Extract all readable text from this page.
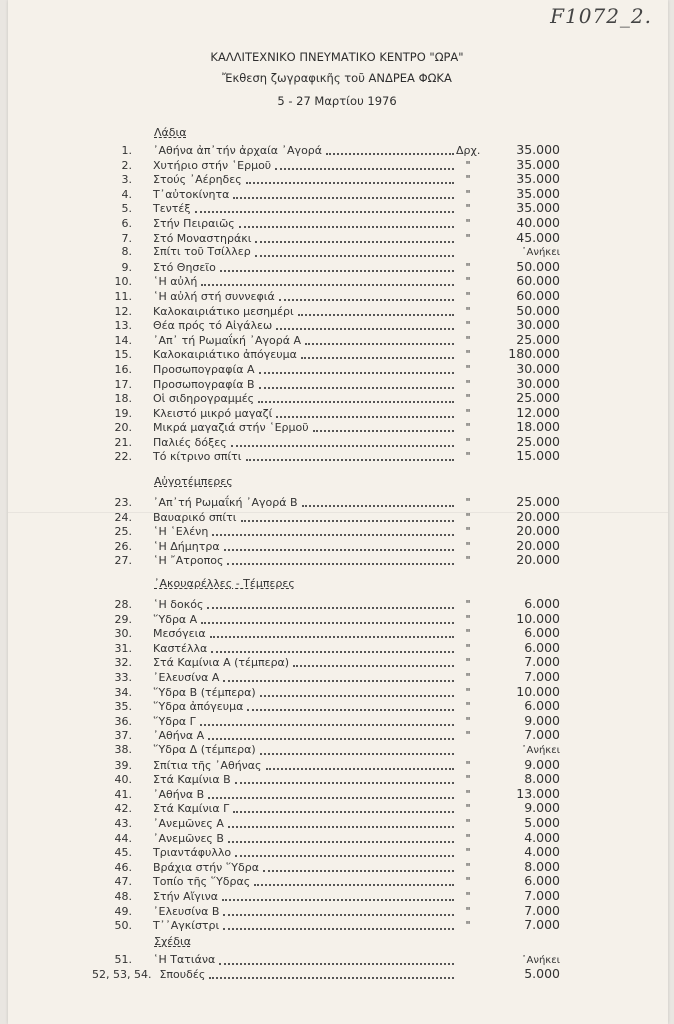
F1072_2.
ΚΑΛΛΙΤΕΧΝΙΚΟ ΠΝΕΥΜΑΤΙΚΟ ΚΕΝΤΡΟ "ΩΡΑ"
Ἔκθεση ζωγραφικῆς τοῦ ΑΝΔΡΕΑ ΦΩΚΑ
5 - 27 Μαρτίου 1976
Λάδια
1.	᾿Αθήνα ἀπ᾿τήν ἀρχαία ᾿Αγορά	Δρχ.	35.000
2.	Χυτήριο στήν ῾Ερμοῦ	"	35.000
3.	Στούς ᾿Αέρηδες	"	35.000
4.	Τ᾿αὐτοκίνητα	"	35.000
5.	Τεντέξ	"	35.000
6.	Στήν Πειραιῶς	"	40.000
7.	Στό Μοναστηράκι	"	45.000
8.	Σπίτι τοῦ Τσίλλερ	᾿Ανήκει
9.	Στό Θησεῖο	"	50.000
10.	῾Η αὐλή	"	60.000
11.	῾Η αὐλή στή συννεφιά	"	60.000
12.	Καλοκαιριάτικο μεσημέρι	"	50.000
13.	Θέα πρός τό Αἰγάλεω	"	30.000
14.	᾿Απ᾿ τή Ρωμαΐκή ᾿Αγορά Α	"	25.000
15.	Καλοκαιριάτικο ἀπόγευμα	"	180.000
16.	Προσωπογραφία Α	"	30.000
17.	Προσωπογραφία Β	"	30.000
18.	Οἱ σιδηρογραμμές	"	25.000
19.	Κλειστό μικρό μαγαζί	"	12.000
20.	Μικρά μαγαζιά στήν ῾Ερμοῦ	"	18.000
21.	Παλιές δόξες	"	25.000
22.	Τό κίτρινο σπίτι	"	15.000
Αὐγοτέμπερες
23.	᾿Απ᾿τή Ρωμαΐκή ᾿Αγορά Β	"	25.000
24.	Βαυαρικό σπίτι	"	20.000
25.	῾Η ῾Ελένη	"	20.000
26.	῾Η Δήμητρα	"	20.000
27.	῾Η ῎Ατροπος	"	20.000
᾿Ακουαρέλλες - Τέμπερες
28.	῾Η δοκός	"	6.000
29.	῞Υδρα Α	"	10.000
30.	Μεσόγεια	"	6.000
31.	Καστέλλα	"	6.000
32.	Στά Καμίνια Α (τέμπερα)	"	7.000
33.	᾿Ελευσίνα Α	"	7.000
34.	῞Υδρα Β (τέμπερα)	"	10.000
35.	῞Υδρα ἀπόγευμα	"	6.000
36.	῞Υδρα Γ	"	9.000
37.	᾿Αθήνα Α	"	7.000
38.	῞Υδρα Δ (τέμπερα)	᾿Ανήκει
39.	Σπίτια τῆς ᾿Αθήνας	"	9.000
40.	Στά Καμίνια Β	"	8.000
41.	᾿Αθήνα Β	"	13.000
42.	Στά Καμίνια Γ	"	9.000
43.	᾿Ανεμῶνες Α	"	5.000
44.	᾿Ανεμῶνες Β	"	4.000
45.	Τριαντάφυλλο	"	4.000
46.	Βράχια στήν ῞Υδρα	"	8.000
47.	Τοπίο τῆς ῞Υδρας	"	6.000
48.	Στήν Αἴγινα	"	7.000
49.	᾿Ελευσίνα Β	"	7.000
50.	Τ᾿᾿Αγκίστρι	"	7.000
Σχέδια
51.	῾Η Τατιάνα	᾿Ανήκει
52, 53, 54. Σπουδές	5.000
